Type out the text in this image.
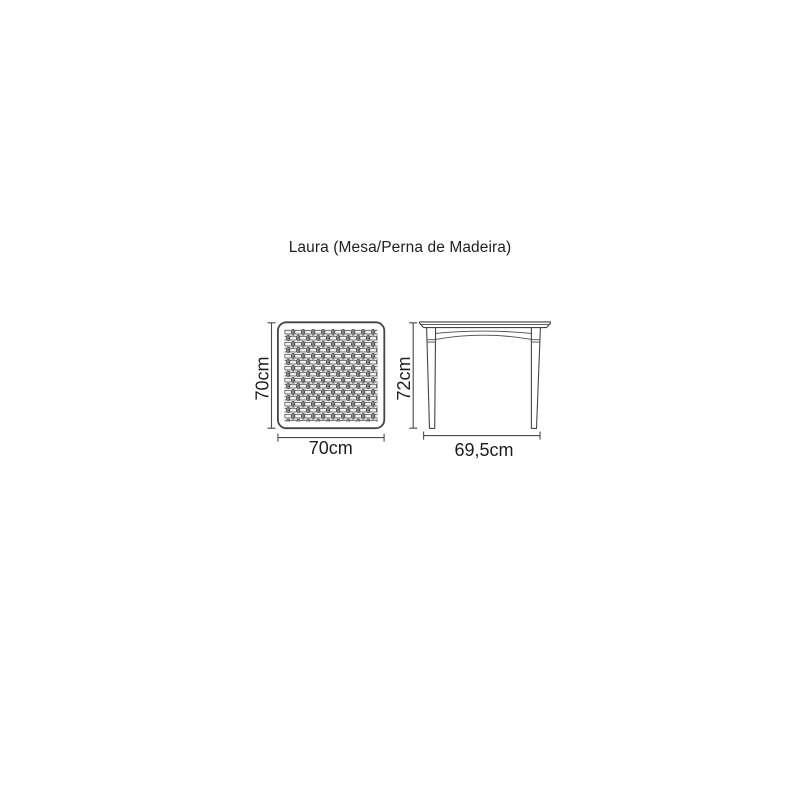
Laura (Mesa/Perna de Madeira)
70cm
70cm
72cm
69,5cm
